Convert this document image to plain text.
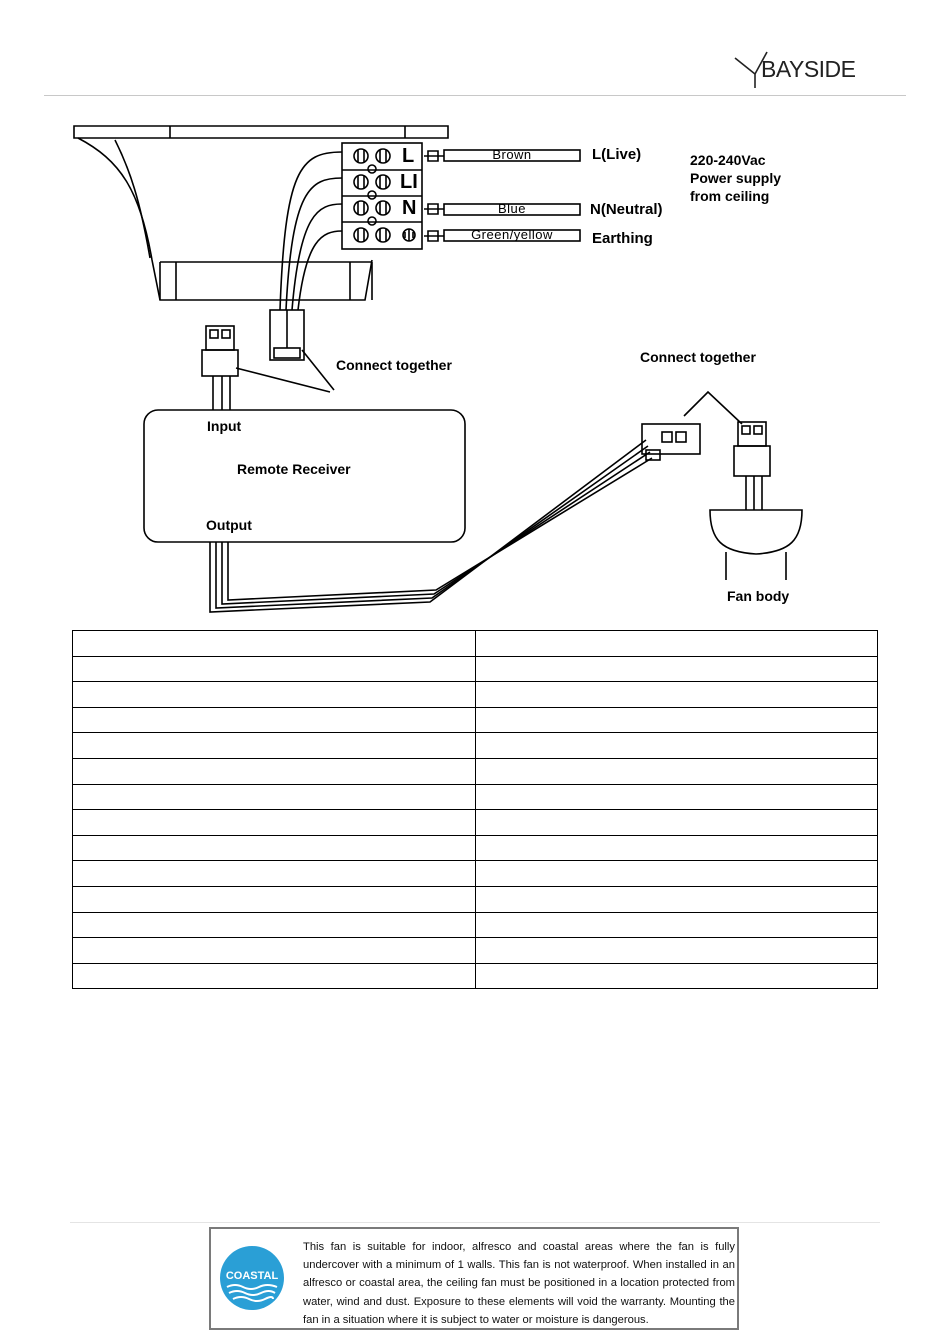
BAYSIDE
L
LI
N
Brown
Blue
Green/yellow
L(Live)
N(Neutral)
Earthing
220-240Vac
Power supply
from ceiling
Connect together	Connect together
Input
Remote Receiver
Output
Fan body

COASTAL
This fan is suitable for indoor, alfresco and coastal areas where the fan is fully undercover with a minimum of 1 walls. This fan is not waterproof. When installed in an alfresco or coastal area, the ceiling fan must be positioned in a location protected from water, wind and dust. Exposure to these elements will void the warranty. Mounting the fan in a situation where it is subject to water or moisture is dangerous.
